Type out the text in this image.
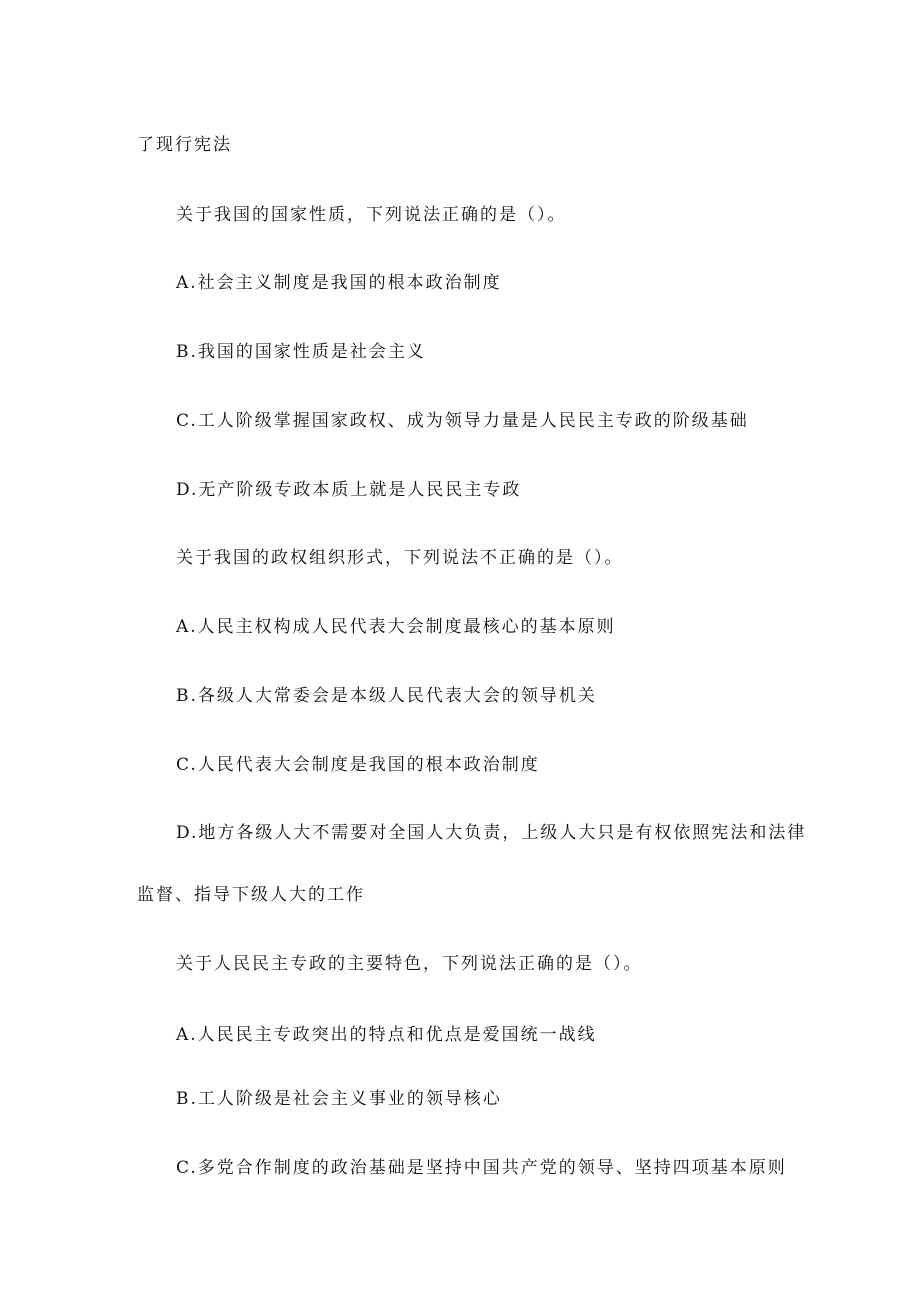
了现行宪法
关于我国的国家性质，下列说法正确的是（）。
A.社会主义制度是我国的根本政治制度
B.我国的国家性质是社会主义
C.工人阶级掌握国家政权、成为领导力量是人民民主专政的阶级基础
D.无产阶级专政本质上就是人民民主专政
关于我国的政权组织形式，下列说法不正确的是（）。
A.人民主权构成人民代表大会制度最核心的基本原则
B.各级人大常委会是本级人民代表大会的领导机关
C.人民代表大会制度是我国的根本政治制度
D.地方各级人大不需要对全国人大负责，上级人大只是有权依照宪法和法律
监督、指导下级人大的工作
关于人民民主专政的主要特色，下列说法正确的是（）。
A.人民民主专政突出的特点和优点是爱国统一战线
B.工人阶级是社会主义事业的领导核心
C.多党合作制度的政治基础是坚持中国共产党的领导、坚持四项基本原则
